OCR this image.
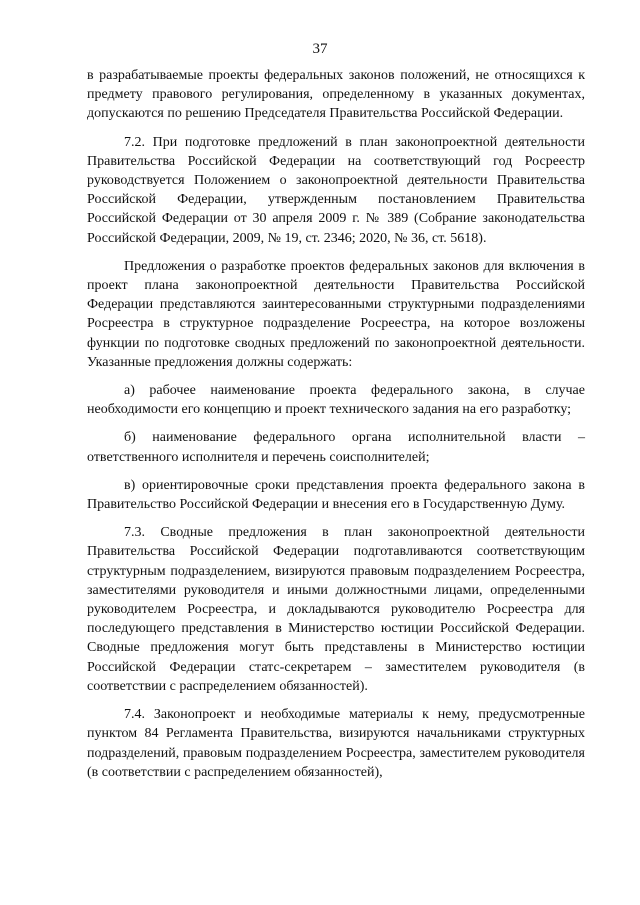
37

в разрабатываемые проекты федеральных законов положений, не относящихся к предмету правового регулирования, определенному в указанных документах, допускаются по решению Председателя Правительства Российской Федерации.

7.2. При подготовке предложений в план законопроектной деятельности Правительства Российской Федерации на соответствующий год Росреестр руководствуется Положением о законопроектной деятельности Правительства Российской Федерации, утвержденным постановлением Правительства Российской Федерации от 30 апреля 2009 г. № 389 (Собрание законодательства Российской Федерации, 2009, № 19, ст. 2346; 2020, № 36, ст. 5618).

Предложения о разработке проектов федеральных законов для включения в проект плана законопроектной деятельности Правительства Российской Федерации представляются заинтересованными структурными подразделениями Росреестра в структурное подразделение Росреестра, на которое возложены функции по подготовке сводных предложений по законопроектной деятельности. Указанные предложения должны содержать:

а) рабочее наименование проекта федерального закона, в случае необходимости его концепцию и проект технического задания на его разработку;

б) наименование федерального органа исполнительной власти – ответственного исполнителя и перечень соисполнителей;

в) ориентировочные сроки представления проекта федерального закона в Правительство Российской Федерации и внесения его в Государственную Думу.

7.3. Сводные предложения в план законопроектной деятельности Правительства Российской Федерации подготавливаются соответствующим структурным подразделением, визируются правовым подразделением Росреестра, заместителями руководителя и иными должностными лицами, определенными руководителем Росреестра, и докладываются руководителю Росреестра для последующего представления в Министерство юстиции Российской Федерации. Сводные предложения могут быть представлены в Министерство юстиции Российской Федерации статс-секретарем – заместителем руководителя (в соответствии с распределением обязанностей).

7.4. Законопроект и необходимые материалы к нему, предусмотренные пунктом 84 Регламента Правительства, визируются начальниками структурных подразделений, правовым подразделением Росреестра, заместителем руководителя (в соответствии с распределением обязанностей),
